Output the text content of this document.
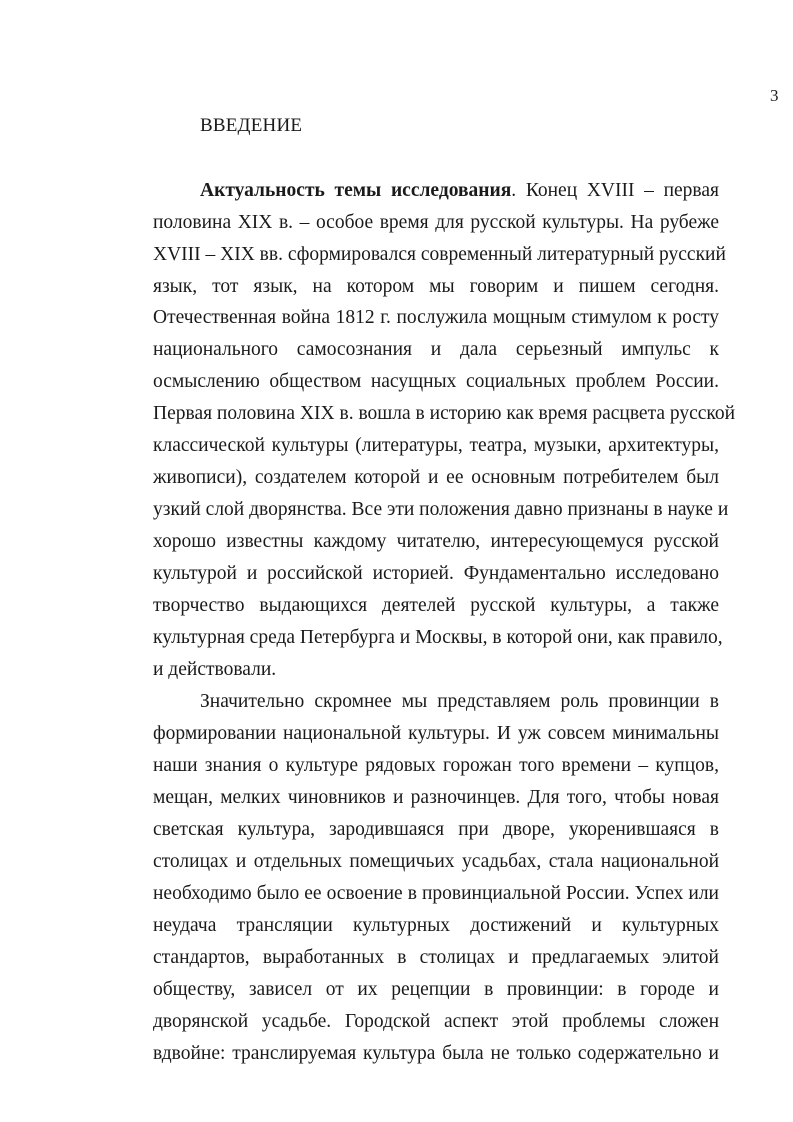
3
ВВЕДЕНИЕ
Актуальность темы исследования. Конец XVIII – первая
половина XIX в. – особое время для русской культуры. На рубеже
XVIII – XIX вв. сформировался современный литературный русский
язык, тот язык, на котором мы говорим и пишем сегодня.
Отечественная война 1812 г. послужила мощным стимулом к росту
национального самосознания и дала серьезный импульс к
осмыслению обществом насущных социальных проблем России.
Первая половина XIX в. вошла в историю как время расцвета русской
классической культуры (литературы, театра, музыки, архитектуры,
живописи), создателем которой и ее основным потребителем был
узкий слой дворянства. Все эти положения давно признаны в науке и
хорошо известны каждому читателю, интересующемуся русской
культурой и российской историей. Фундаментально исследовано
творчество выдающихся деятелей русской культуры, а также
культурная среда Петербурга и Москвы, в которой они, как правило,
и действовали.
Значительно скромнее мы представляем роль провинции в
формировании национальной культуры. И уж совсем минимальны
наши знания о культуре рядовых горожан того времени – купцов,
мещан, мелких чиновников и разночинцев. Для того, чтобы новая
светская культура, зародившаяся при дворе, укоренившаяся в
столицах и отдельных помещичьих усадьбах, стала национальной
необходимо было ее освоение в провинциальной России. Успех или
неудача трансляции культурных достижений и культурных
стандартов, выработанных в столицах и предлагаемых элитой
обществу, зависел от их рецепции в провинции: в городе и
дворянской усадьбе. Городской аспект этой проблемы сложен
вдвойне: транслируемая культура была не только содержательно и
